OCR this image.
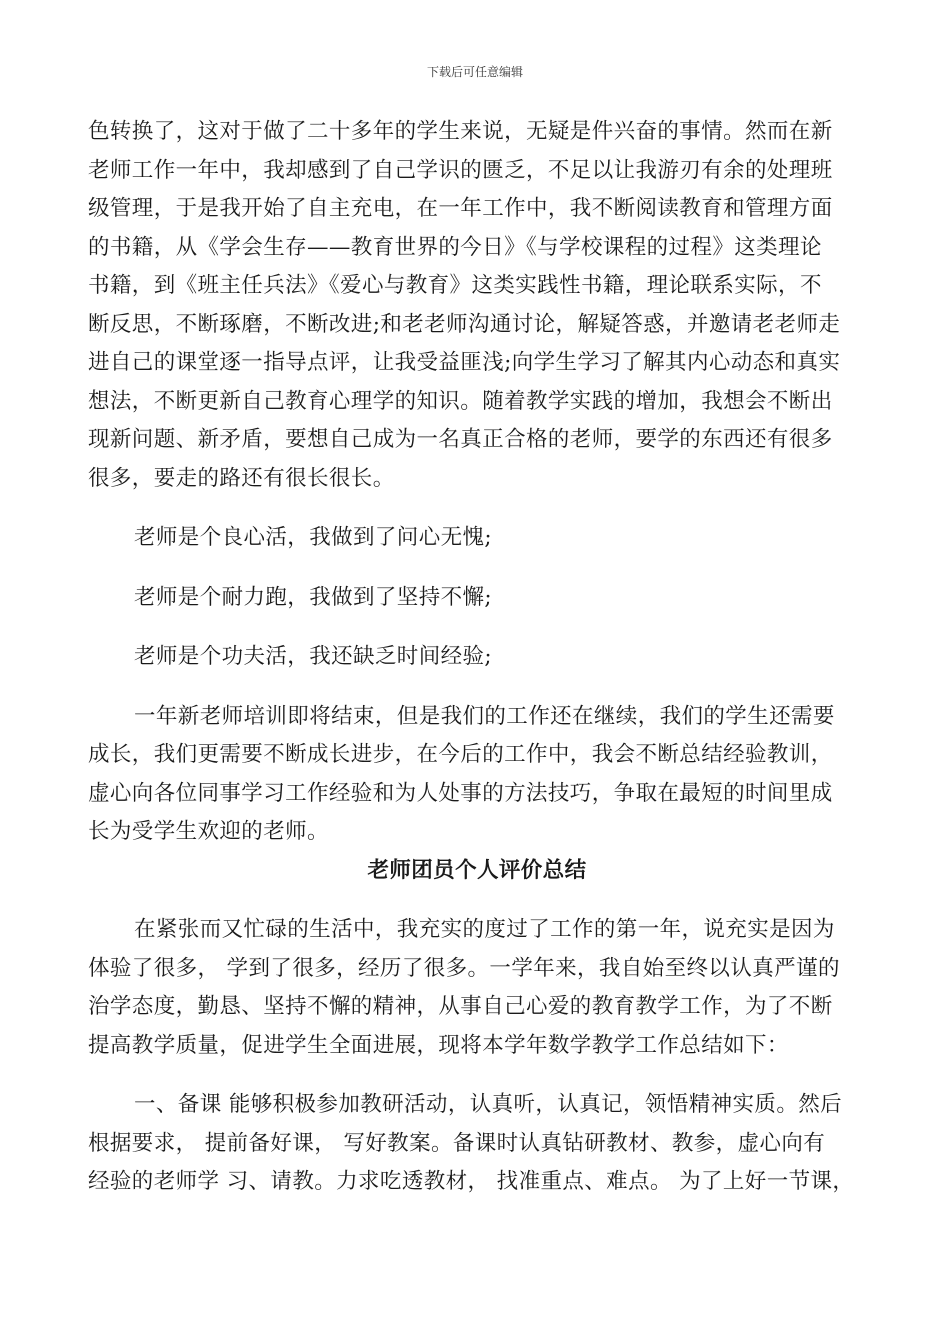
下载后可任意编辑

色转换了，这对于做了二十多年的学生来说，无疑是件兴奋的事情。然而在新
老师工作一年中，我却感到了自己学识的匮乏，不足以让我游刃有余的处理班
级管理，于是我开始了自主充电，在一年工作中，我不断阅读教育和管理方面
的书籍，从《学会生存——教育世界的今日》《与学校课程的过程》这类理论
书籍，到《班主任兵法》《爱心与教育》这类实践性书籍，理论联系实际，不
断反思，不断琢磨，不断改进;和老老师沟通讨论，解疑答惑，并邀请老老师走
进自己的课堂逐一指导点评，让我受益匪浅;向学生学习了解其内心动态和真实
想法，不断更新自己教育心理学的知识。随着教学实践的增加，我想会不断出
现新问题、新矛盾，要想自己成为一名真正合格的老师，要学的东西还有很多
很多，要走的路还有很长很长。

老师是个良心活，我做到了问心无愧;

老师是个耐力跑，我做到了坚持不懈;

老师是个功夫活，我还缺乏时间经验;

一年新老师培训即将结束，但是我们的工作还在继续，我们的学生还需要
成长，我们更需要不断成长进步，在今后的工作中，我会不断总结经验教训，
虚心向各位同事学习工作经验和为人处事的方法技巧，争取在最短的时间里成
长为受学生欢迎的老师。

老师团员个人评价总结

在紧张而又忙碌的生活中，我充实的度过了工作的第一年，说充实是因为
体验了很多， 学到了很多，经历了很多。一学年来，我自始至终以认真严谨的
治学态度，勤恳、坚持不懈的精神，从事自己心爱的教育教学工作，为了不断
提高教学质量，促进学生全面进展，现将本学年数学教学工作总结如下：

一、备课 能够积极参加教研活动，认真听，认真记，领悟精神实质。然后
根据要求， 提前备好课， 写好教案。备课时认真钻研教材、教参，虚心向有
经验的老师学 习、请教。力求吃透教材， 找准重点、难点。 为了上好一节课，
